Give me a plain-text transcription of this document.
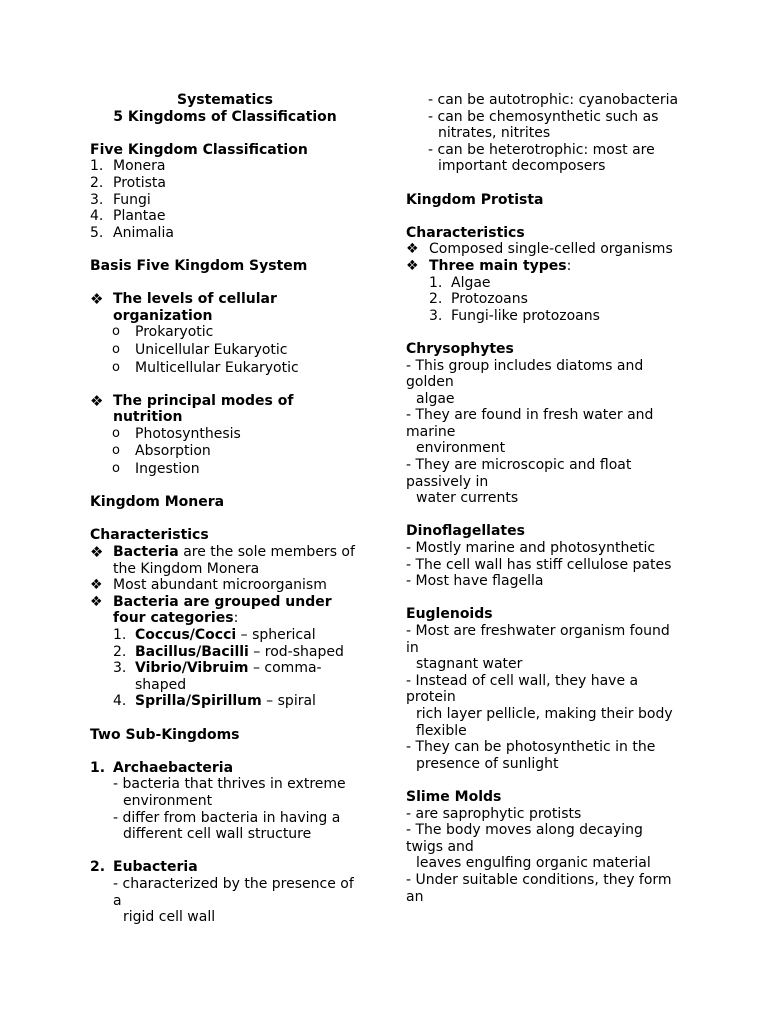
Systematics
5 Kingdoms of Classification
Five Kingdom Classification
1. Monera
2. Protista
3. Fungi
4. Plantae
5. Animalia
Basis Five Kingdom System
❖ The levels of cellular
organization
o Prokaryotic
o Unicellular Eukaryotic
o Multicellular Eukaryotic
❖ The principal modes of
nutrition
o Photosynthesis
o Absorption
o Ingestion
Kingdom Monera
Characteristics
❖ Bacteria are the sole members of
the Kingdom Monera
❖ Most abundant microorganism
❖ Bacteria are grouped under
four categories:
1. Coccus/Cocci – spherical
2. Bacillus/Bacilli – rod-shaped
3. Vibrio/Vibruim – comma-
shaped
4. Sprilla/Spirillum – spiral
Two Sub-Kingdoms
1. Archaebacteria
- bacteria that thrives in extreme
environment
- differ from bacteria in having a
different cell wall structure
2. Eubacteria
- characterized by the presence of
a
rigid cell wall
- can be autotrophic: cyanobacteria
- can be chemosynthetic such as
nitrates, nitrites
- can be heterotrophic: most are
important decomposers
Kingdom Protista
Characteristics
❖ Composed single-celled organisms
❖ Three main types:
1. Algae
2. Protozoans
3. Fungi-like protozoans
Chrysophytes
- This group includes diatoms and
golden
algae
- They are found in fresh water and
marine
environment
- They are microscopic and float
passively in
water currents
Dinoflagellates
- Mostly marine and photosynthetic
- The cell wall has stiff cellulose pates
- Most have flagella
Euglenoids
- Most are freshwater organism found
in
stagnant water
- Instead of cell wall, they have a
protein
rich layer pellicle, making their body
flexible
- They can be photosynthetic in the
presence of sunlight
Slime Molds
- are saprophytic protists
- The body moves along decaying
twigs and
leaves engulfing organic material
- Under suitable conditions, they form
an
